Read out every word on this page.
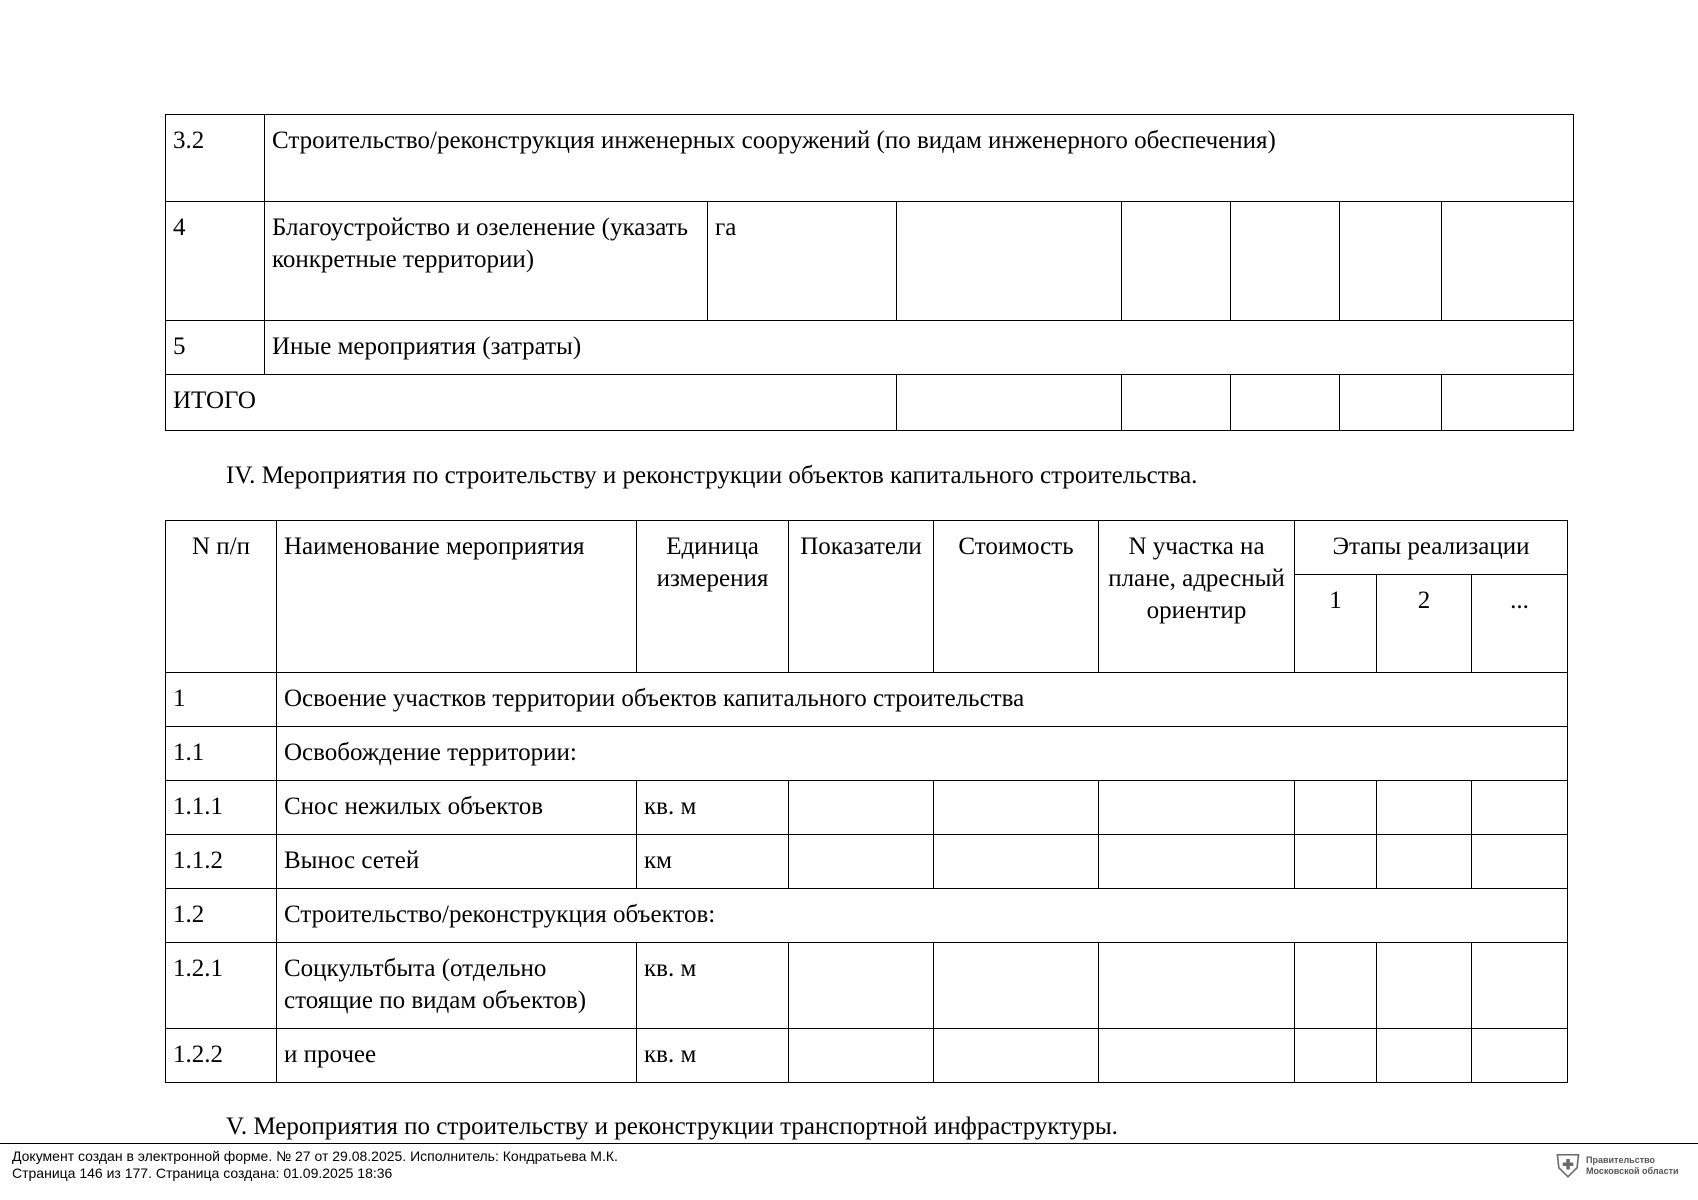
3.2	Строительство/реконструкция инженерных сооружений (по видам инженерного обеспечения)						
4	Благоустройство и озеленение (указать конкретные территории)	га					
5	Иные мероприятия (затраты)						
ИТОГО							
IV. Мероприятия по строительству и реконструкции объектов капитального строительства.
N п/п	Наименование мероприятия	Единица измерения	Показатели	Стоимость	N участка на плане, адресный ориентир	Этапы реализации		
						1	2	...
1	Освоение участков территории объектов капитального строительства							
1.1	Освобождение территории:							
1.1.1	Снос нежилых объектов	кв. м						
1.1.2	Вынос сетей	км						
1.2	Строительство/реконструкция объектов:							
1.2.1	Соцкультбыта (отдельно стоящие по видам объектов)	кв. м						
1.2.2	и прочее	кв. м						
V. Мероприятия по строительству и реконструкции транспортной инфраструктуры.
Документ создан в электронной форме. № 27 от 29.08.2025. Исполнитель: Кондратьева М.К.
Страница 146 из 177. Страница создана: 01.09.2025 18:36	⛨ Правительство
Московской области
